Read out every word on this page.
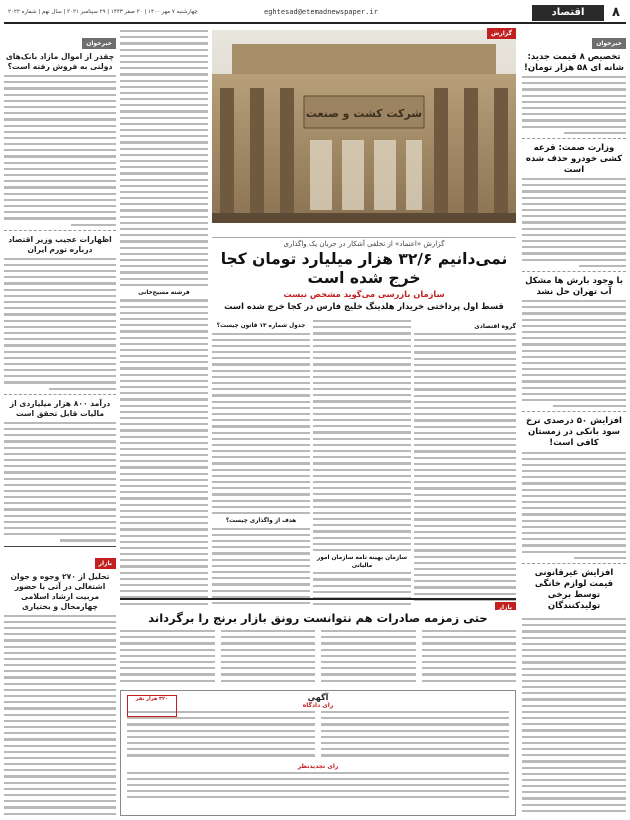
۸
اقتصاد
eghtesad@etemadnewspaper.ir
چهارشنبه ۷ مهر ۱۴۰۰ | ۲۰ صفر ۱۴۴۳ | ۲۹ سپتامبر ۲۰۲۱ | سال نهم | شماره ۲۰۲۲
خبرخوان
تخصیص ۸ قیمت جدید: شانه ای ۵۸ هزار تومان!
وزارت صمت: قرعه کشی خودرو حذف شده است
با وجود بارش ها مشکل آب تهران حل نشد
افزایش ۵۰ درصدی نرخ سود بانکی در زمستان کافی است!
افزایش غیرقانونی قیمت لوازم خانگی توسط برخی تولیدکنندگان
شرکت کشت و صنعت
گزارش
گزارش «اعتماد» از تخلفی آشکار در جریان یک واگذاری
نمی‌دانیم ۳۲/۶ هزار میلیارد تومان کجا خرج شده است
سازمان بازرسی می‌گوید مشخص نیست
قسط اول پرداختی خریدار هلدینگ خلیج فارس در کجا خرج شده است
گروه اقتصادی
سازمان بهینه نامه سازمان امور مالیاتی
جدول شماره ۱۳ قانون چیست؟
هدف از واگذاری چیست؟
فرشته مسیح‌خانی
خبرخوان
چقدر از اموال مازاد بانک‌های دولتی به فروش رفته است؟
اظهارات عجیب وزیر اقتصاد درباره تورم ایران
درآمد ۸۰۰ هزار میلیاردی از مالیات قابل تحقق است
بازار
تحلیل از ۲۷۰ وجوه و جوان اشتغالی در آتی با حضور مربیت ارشاد اسلامی چهارمحال و بختیاری	بازار
حتی زمزمه صادرات هم نتوانست رونق بازار برنج را برگرداند
۳۲۰ هزار نفر	آگهی
رای دادگاه
رای تجدیدنظر
